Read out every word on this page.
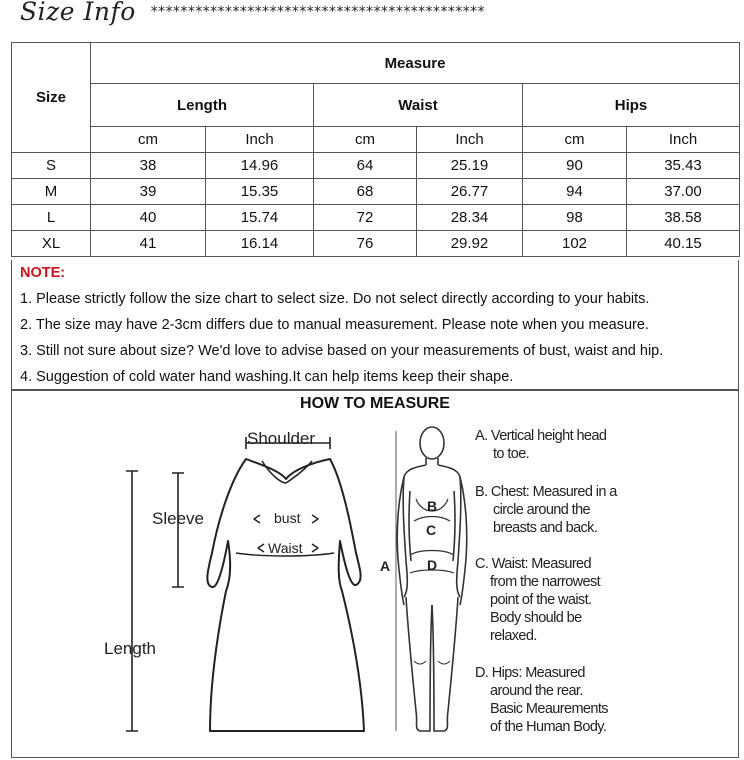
Size Info *********************************************
Size	Measure					
	Length		Waist		Hips	
	cm	Inch	cm	Inch	cm	Inch
S	38	14.96	64	25.19	90	35.43
M	39	15.35	68	26.77	94	37.00
L	40	15.74	72	28.34	98	38.58
XL	41	16.14	76	29.92	102	40.15
NOTE:
1. Please strictly follow the size chart to select size. Do not select directly according to your habits.
2. The size may have 2-3cm differs due to manual measurement. Please note when you measure.
3. Still not sure about size? We'd love to advise based on your measurements of bust, waist and hip.
4. Suggestion of cold water hand washing.It can help items keep their shape.
HOW TO MEASURE
Shoulder
Sleeve	bust
Waist
Length
B
C
D
A
A. Vertical height head
to toe.
B. Chest: Measured in a
circle around the
breasts and back.
C. Waist: Measured
from the narrowest
point of the waist.
Body should be
relaxed.
D. Hips: Measured
around the rear.
Basic Meaurements
of the Human Body.
